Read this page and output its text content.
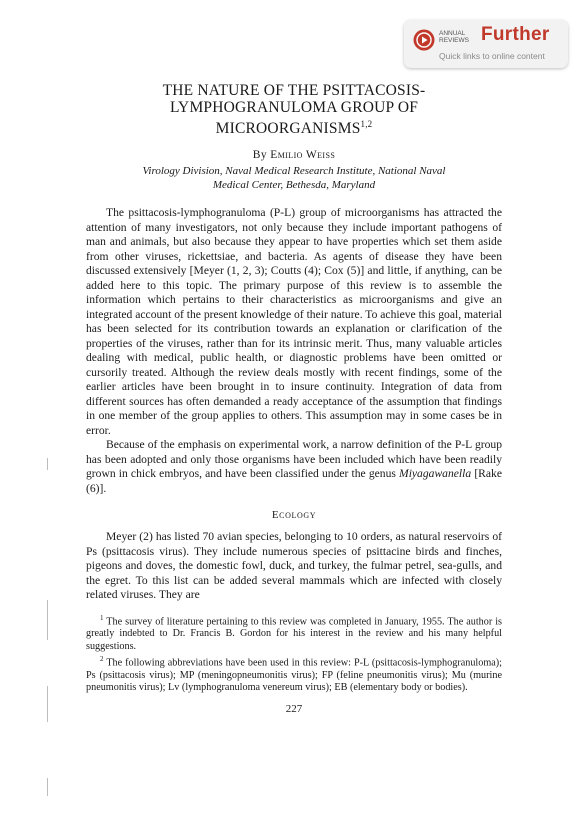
ANNUAL
REVIEWS Further
Quick links to online content
THE NATURE OF THE PSITTACOSIS-
LYMPHOGRANULOMA GROUP OF
MICROORGANISMS$^{1,2}$

By Emilio Weiss

Virology Division, Naval Medical Research Institute, National Naval
Medical Center, Bethesda, Maryland

The psittacosis-lymphogranuloma (P-L) group of microorganisms has attracted the attention of many investigators, not only because they include important pathogens of man and animals, but also because they appear to have properties which set them aside from other viruses, rickettsiae, and bacteria. As agents of disease they have been discussed extensively [Meyer (1, 2, 3); Coutts (4); Cox (5)] and little, if anything, can be added here to this topic. The primary purpose of this review is to assemble the information which pertains to their characteristics as microorganisms and give an integrated account of the present knowledge of their nature. To achieve this goal, material has been selected for its contribution towards an explanation or clarification of the properties of the viruses, rather than for its intrinsic merit. Thus, many valuable articles dealing with medical, public health, or diagnostic problems have been omitted or cursorily treated. Although the review deals mostly with recent findings, some of the earlier articles have been brought in to insure continuity. Integration of data from different sources has often demanded a ready acceptance of the assumption that findings in one member of the group applies to others. This assumption may in some cases be in error.

Because of the emphasis on experimental work, a narrow definition of the P-L group has been adopted and only those organisms have been included which have been readily grown in chick embryos, and have been classified under the genus Miyagawanella [Rake (6)].

Ecology

Meyer (2) has listed 70 avian species, belonging to 10 orders, as natural reservoirs of Ps (psittacosis virus). They include numerous species of psittacine birds and finches, pigeons and doves, the domestic fowl, duck, and turkey, the fulmar petrel, sea-gulls, and the egret. To this list can be added several mammals which are infected with closely related viruses. They are

$^1$ The survey of literature pertaining to this review was completed in January, 1955. The author is greatly indebted to Dr. Francis B. Gordon for his interest in the review and his many helpful suggestions.

$^2$ The following abbreviations have been used in this review: P-L (psittacosis-lymphogranuloma); Ps (psittacosis virus); MP (meningopneumonitis virus); FP (feline pneumonitis virus); Mu (murine pneumonitis virus); Lv (lymphogranuloma venereum virus); EB (elementary body or bodies).

227
